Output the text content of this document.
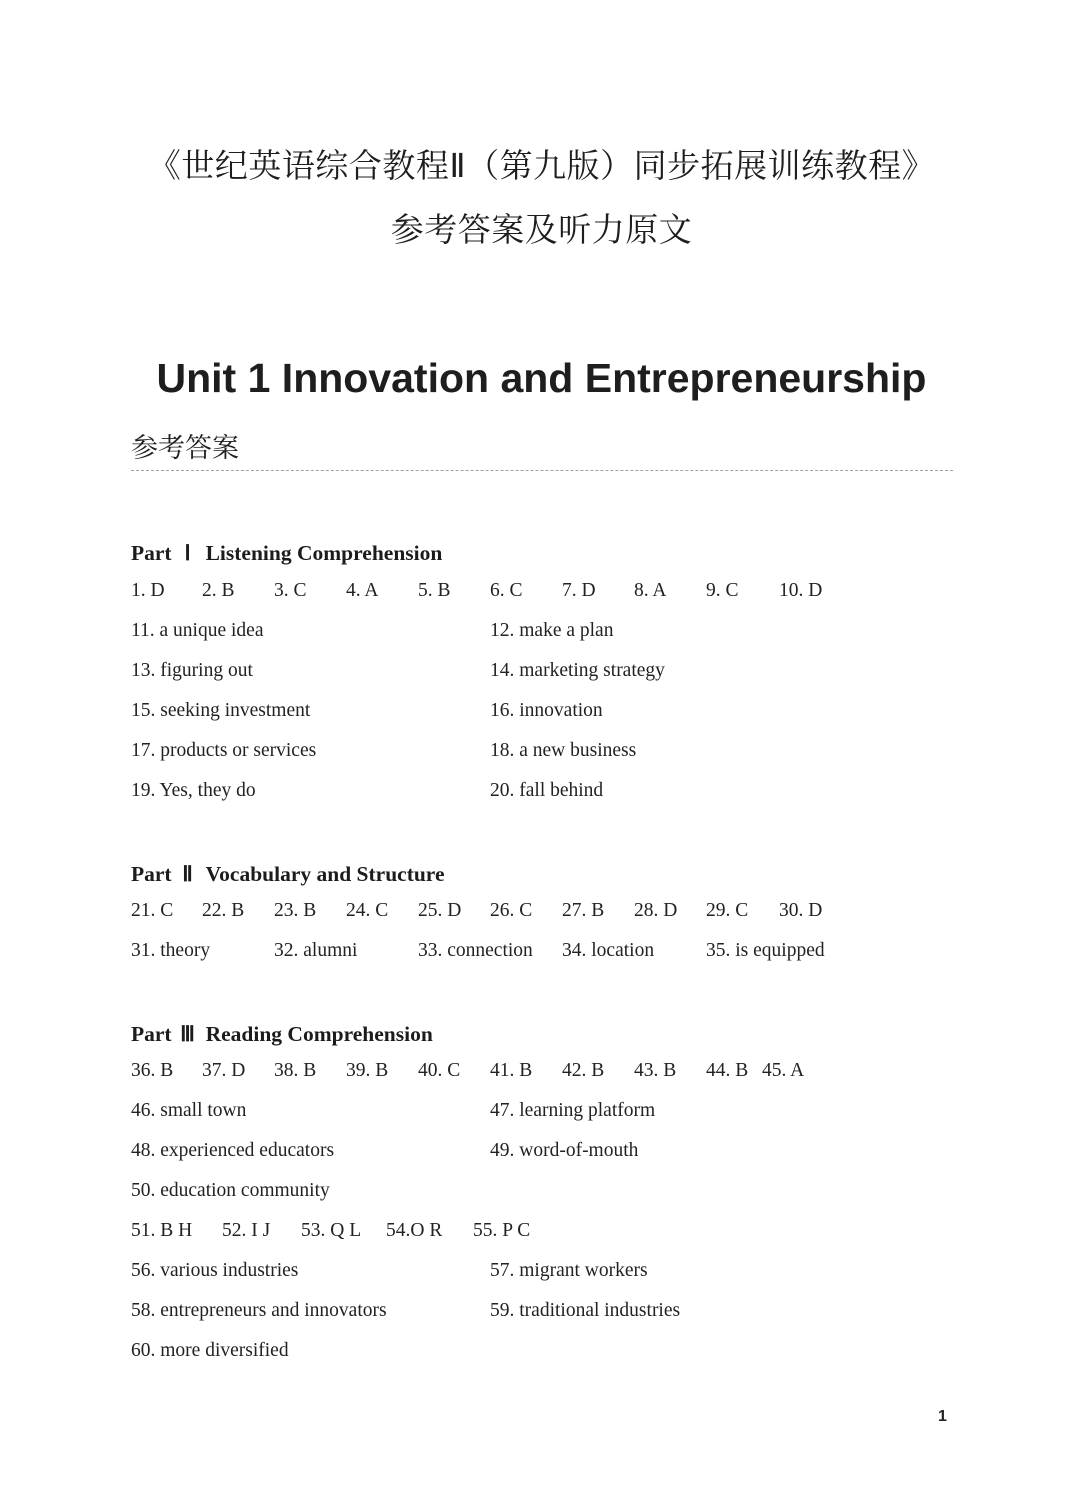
《世纪英语综合教程Ⅱ（第九版）同步拓展训练教程》
参考答案及听力原文
Unit 1 Innovation and Entrepreneurship
参考答案
Part Ⅰ Listening Comprehension
1. D 2. B 3. C 4. A 5. B 6. C 7. D 8. A 9. C 10. D
11. a unique idea	12. make a plan
13. figuring out	14. marketing strategy
15. seeking investment	16. innovation
17. products or services	18. a new business
19. Yes, they do	20. fall behind
Part Ⅱ Vocabulary and Structure
21. C 22. B 23. B 24. C 25. D 26. C 27. B 28. D 29. C 30. D
31. theory	32. alumni	33. connection 34. location	35. is equipped
Part Ⅲ Reading Comprehension
36. B 37. D 38. B 39. B 40. C 41. B 42. B 43. B 44. B 45. A
46. small town	47. learning platform
48. experienced educators	49. word-of-mouth
50. education community
51. B H 52. I J 53. Q L 54.O R 55. P C
56. various industries	57. migrant workers
58. entrepreneurs and innovators	59. traditional industries
60. more diversified
1
